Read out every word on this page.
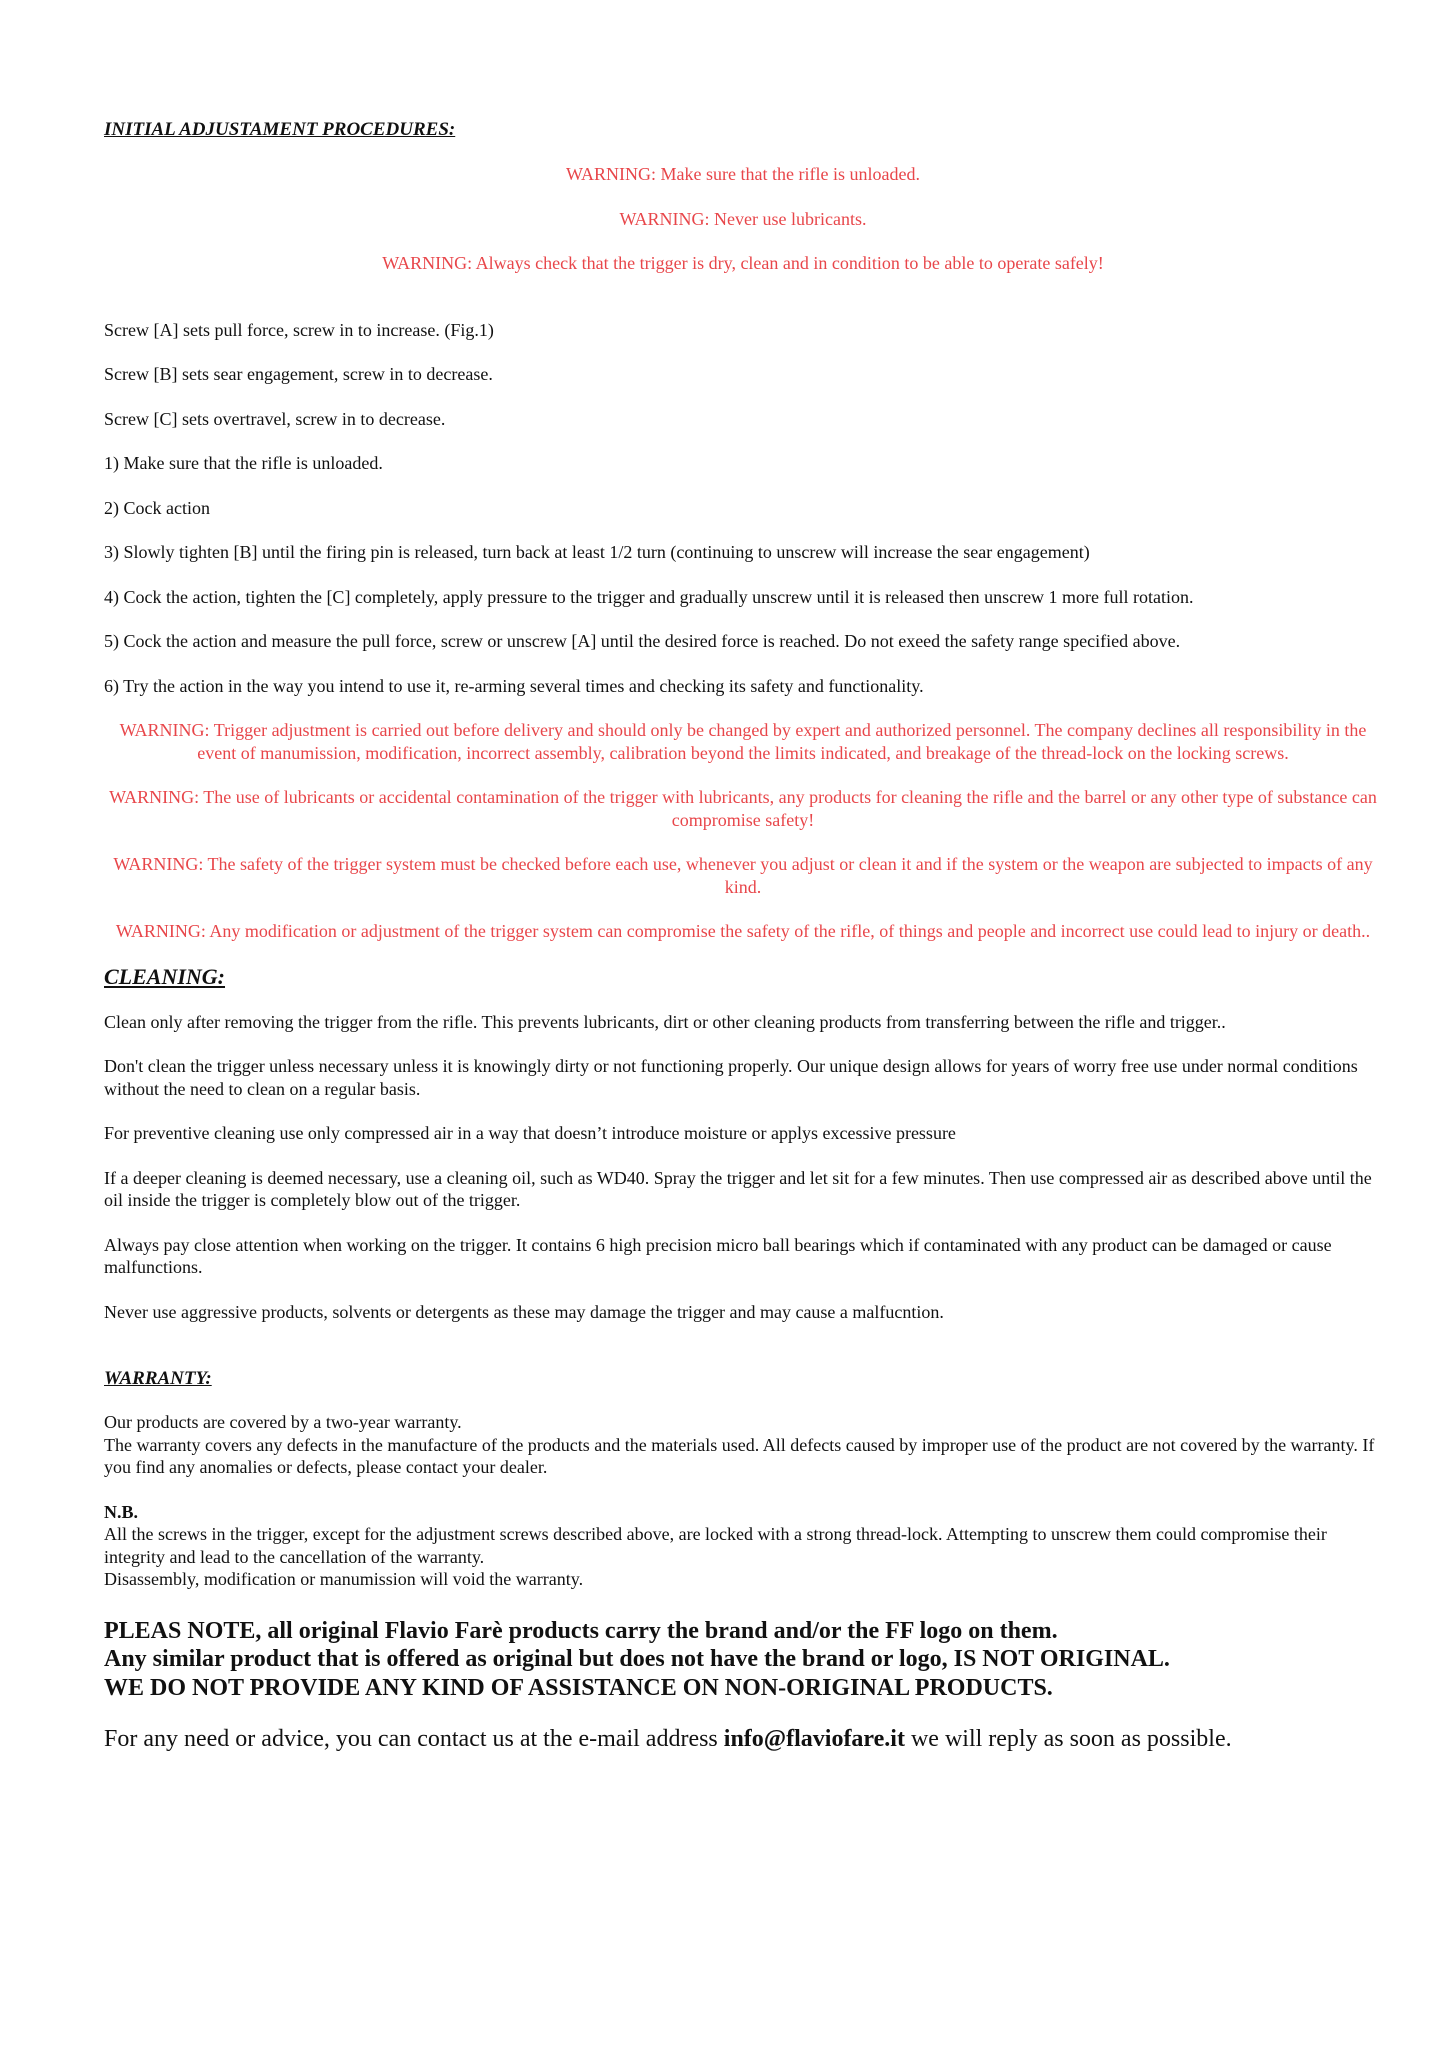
INITIAL ADJUSTAMENT PROCEDURES:

WARNING: Make sure that the rifle is unloaded.

WARNING: Never use lubricants.

WARNING: Always check that the trigger is dry, clean and in condition to be able to operate safely!

Screw [A] sets pull force, screw in to increase. (Fig.1)

Screw [B] sets sear engagement, screw in to decrease.

Screw [C] sets overtravel, screw in to decrease.

1) Make sure that the rifle is unloaded.

2) Cock action

3) Slowly tighten [B] until the firing pin is released, turn back at least 1/2 turn (continuing to unscrew will increase the sear engagement)

4) Cock the action, tighten the [C] completely, apply pressure to the trigger and gradually unscrew until it is released then unscrew 1 more full rotation.

5) Cock the action and measure the pull force, screw or unscrew [A] until the desired force is reached. Do not exeed the safety range specified above.

6) Try the action in the way you intend to use it, re-arming several times and checking its safety and functionality.

WARNING: Trigger adjustment is carried out before delivery and should only be changed by expert and authorized personnel. The company declines all responsibility in the event of manumission, modification, incorrect assembly, calibration beyond the limits indicated, and breakage of the thread-lock on the locking screws.

WARNING: The use of lubricants or accidental contamination of the trigger with lubricants, any products for cleaning the rifle and the barrel or any other type of substance can compromise safety!

WARNING: The safety of the trigger system must be checked before each use, whenever you adjust or clean it and if the system or the weapon are subjected to impacts of any kind.

WARNING: Any modification or adjustment of the trigger system can compromise the safety of the rifle, of things and people and incorrect use could lead to injury or death..

CLEANING:

Clean only after removing the trigger from the rifle. This prevents lubricants, dirt or other cleaning products from transferring between the rifle and trigger..

Don't clean the trigger unless necessary unless it is knowingly dirty or not functioning properly. Our unique design allows for years of worry free use under normal conditions without the need to clean on a regular basis.

For preventive cleaning use only compressed air in a way that doesn’t introduce moisture or applys excessive pressure

If a deeper cleaning is deemed necessary, use a cleaning oil, such as WD40. Spray the trigger and let sit for a few minutes. Then use compressed air as described above until the oil inside the trigger is completely blow out of the trigger.

Always pay close attention when working on the trigger. It contains 6 high precision micro ball bearings which if contaminated with any product can be damaged or cause malfunctions.

Never use aggressive products, solvents or detergents as these may damage the trigger and may cause a malfucntion.

WARRANTY:

Our products are covered by a two-year warranty.
The warranty covers any defects in the manufacture of the products and the materials used. All defects caused by improper use of the product are not covered by the warranty. If you find any anomalies or defects, please contact your dealer.

N.B.
All the screws in the trigger, except for the adjustment screws described above, are locked with a strong thread-lock. Attempting to unscrew them could compromise their integrity and lead to the cancellation of the warranty.
Disassembly, modification or manumission will void the warranty.

PLEAS NOTE, all original Flavio Farè products carry the brand and/or the FF logo on them.
Any similar product that is offered as original but does not have the brand or logo, IS NOT ORIGINAL.
WE DO NOT PROVIDE ANY KIND OF ASSISTANCE ON NON-ORIGINAL PRODUCTS.

For any need or advice, you can contact us at the e-mail address info@flaviofare.it we will reply as soon as possible.
